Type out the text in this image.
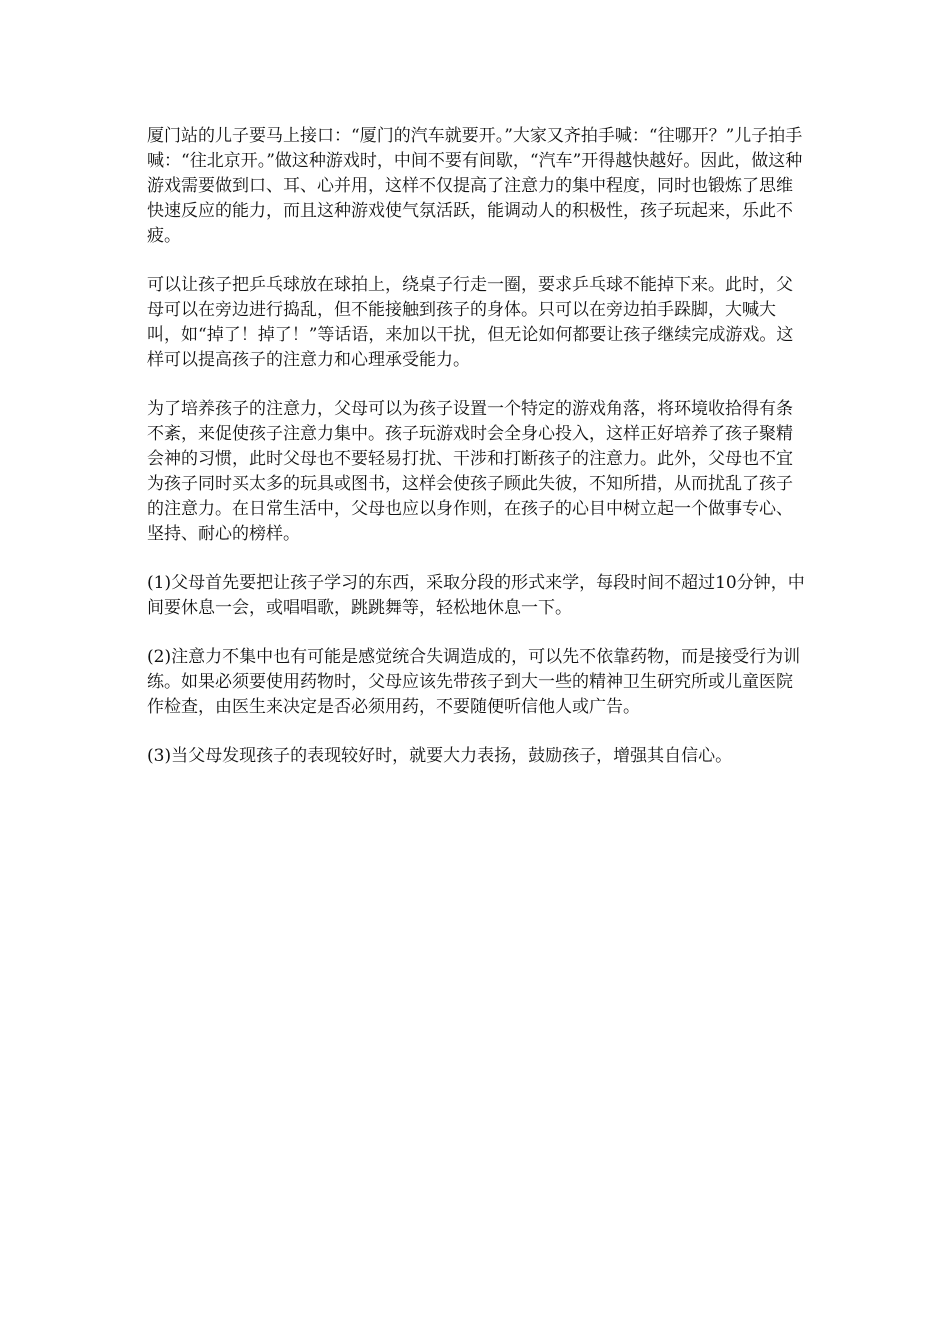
厦门站的儿子要马上接口：“厦门的汽车就要开。”大家又齐拍手喊：“往哪开？”儿子拍手喊：“往北京开。”做这种游戏时，中间不要有间歇，“汽车”开得越快越好。因此，做这种游戏需要做到口、耳、心并用，这样不仅提高了注意力的集中程度，同时也锻炼了思维快速反应的能力，而且这种游戏使气氛活跃，能调动人的积极性，孩子玩起来，乐此不疲。

可以让孩子把乒乓球放在球拍上，绕桌子行走一圈，要求乒乓球不能掉下来。此时，父母可以在旁边进行捣乱，但不能接触到孩子的身体。只可以在旁边拍手跺脚，大喊大叫，如“掉了！掉了！”等话语，来加以干扰，但无论如何都要让孩子继续完成游戏。这样可以提高孩子的注意力和心理承受能力。

为了培养孩子的注意力，父母可以为孩子设置一个特定的游戏角落，将环境收拾得有条不紊，来促使孩子注意力集中。孩子玩游戏时会全身心投入，这样正好培养了孩子聚精会神的习惯，此时父母也不要轻易打扰、干涉和打断孩子的注意力。此外，父母也不宜为孩子同时买太多的玩具或图书，这样会使孩子顾此失彼，不知所措，从而扰乱了孩子的注意力。在日常生活中，父母也应以身作则，在孩子的心目中树立起一个做事专心、坚持、耐心的榜样。

(1)父母首先要把让孩子学习的东西，采取分段的形式来学，每段时间不超过10分钟，中间要休息一会，或唱唱歌，跳跳舞等，轻松地休息一下。

(2)注意力不集中也有可能是感觉统合失调造成的，可以先不依靠药物，而是接受行为训练。如果必须要使用药物时，父母应该先带孩子到大一些的精神卫生研究所或儿童医院作检查，由医生来决定是否必须用药，不要随便听信他人或广告。

(3)当父母发现孩子的表现较好时，就要大力表扬，鼓励孩子，增强其自信心。
